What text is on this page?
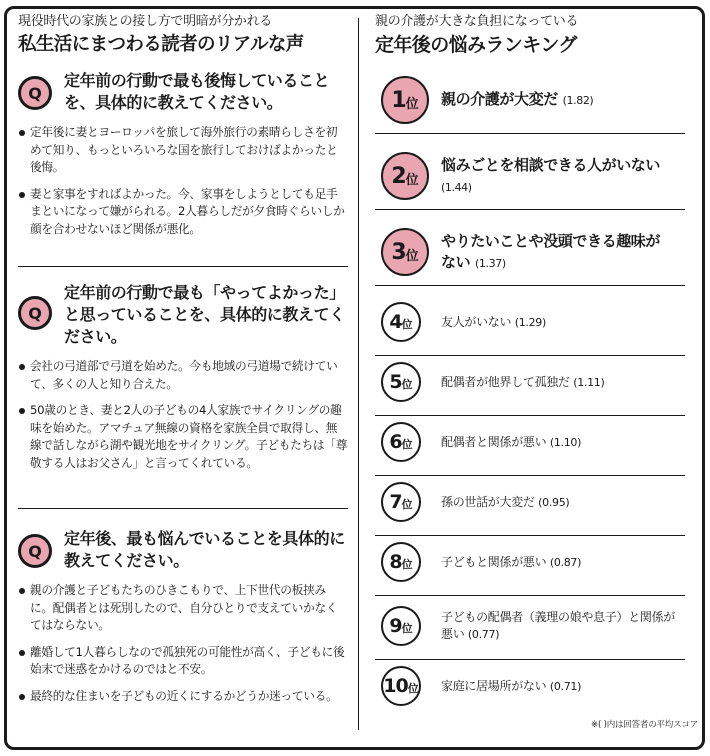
現役時代の家族との接し方で明暗が分かれる
私生活にまつわる読者のリアルな声
Q
定年前の行動で最も後悔していることを、具体的に教えてください。
定年後に妻とヨーロッパを旅して海外旅行の素晴らしさを初めて知り、もっといろいろな国を旅行しておけばよかったと後悔。
妻と家事をすればよかった。今、家事をしようとしても足手まといになって嫌がられる。2人暮らしだが夕食時ぐらいしか顔を合わせないほど関係が悪化。
Q
定年前の行動で最も「やってよかった」と思っていることを、具体的に教えてください。
会社の弓道部で弓道を始めた。今も地域の弓道場で続けていて、多くの人と知り合えた。
50歳のとき、妻と2人の子どもの4人家族でサイクリングの趣味を始めた。アマチュア無線の資格を家族全員で取得し、無線で話しながら湖や観光地をサイクリング。子どもたちは「尊敬する人はお父さん」と言ってくれている。
Q
定年後、最も悩んでいることを具体的に教えてください。
親の介護と子どもたちのひきこもりで、上下世代の板挟みに。配偶者とは死別したので、自分ひとりで支えていかなくてはならない。
離婚して1人暮らしなので孤独死の可能性が高く、子どもに後始末で迷惑をかけるのではと不安。
最終的な住まいを子どもの近くにするかどうか迷っている。
親の介護が大きな負担になっている
定年後の悩みランキング
1 位 親の介護が大変だ (1.82)
2 位
悩みごとを相談できる人がいない (1.44)
3 位
やりたいことや没頭できる趣味がない (1.37)
4 位 友人がいない (1.29)
5 位 配偶者が他界して孤独だ (1.11)
6 位 配偶者と関係が悪い (1.10)
7 位 孫の世話が大変だ (0.95)
8 位 子どもと関係が悪い (0.87)
9 位
子どもの配偶者（義理の娘や息子）と関係が悪い (0.77)
10 位 家庭に居場所がない (0.71)
※( )内は回答者の平均スコア
